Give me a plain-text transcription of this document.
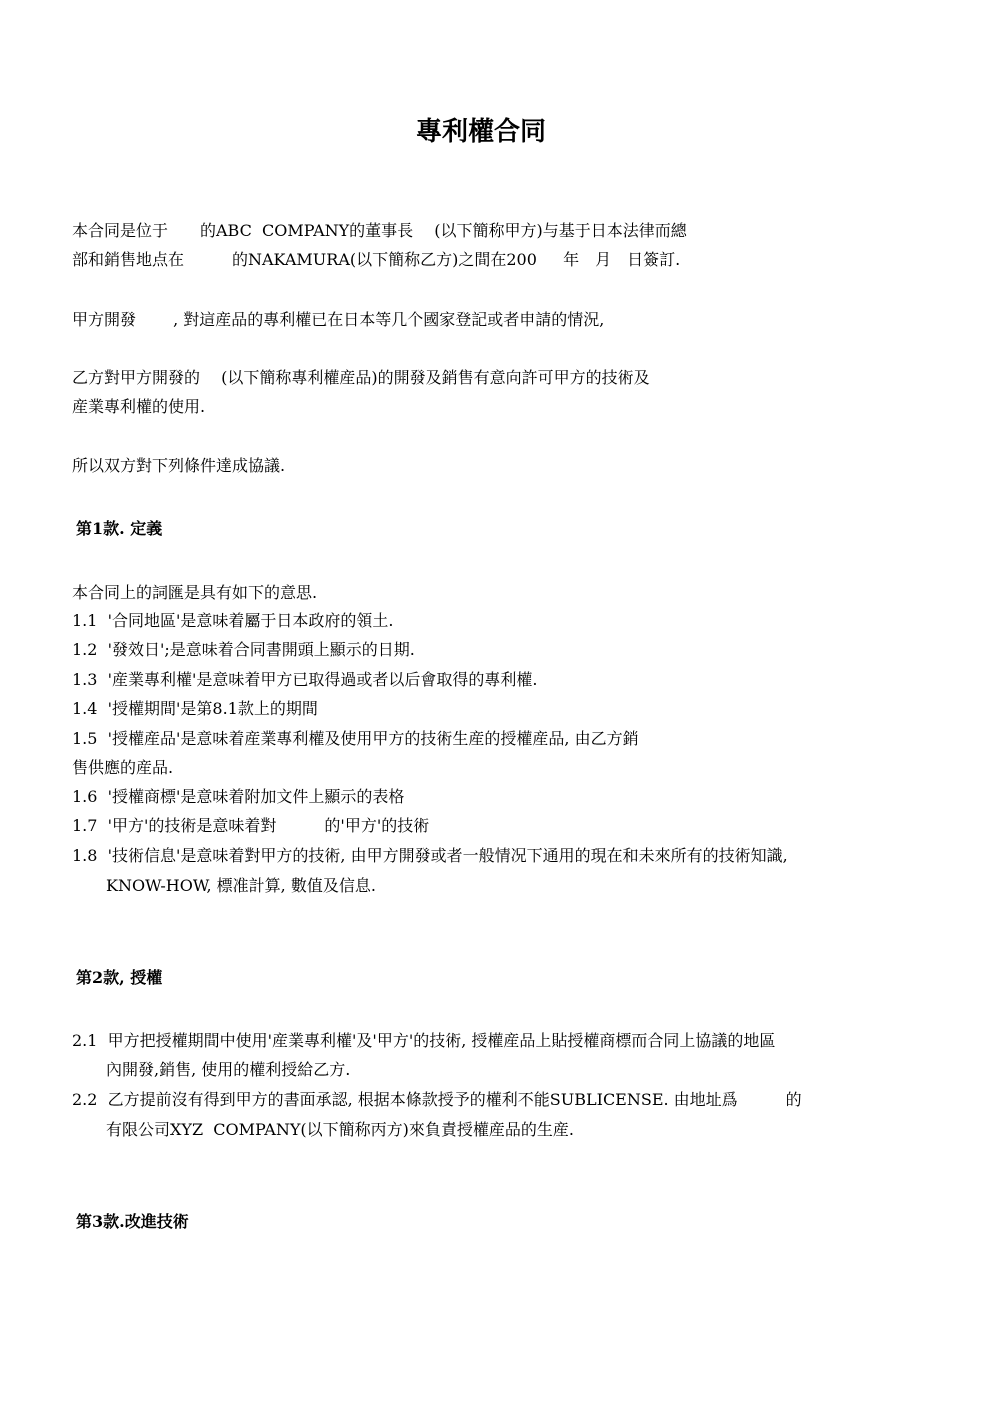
專利權合同
本合同是位于　　的ABC  COMPANY的董事長　 (以下簡称甲方)与基于日本法律而總
部和銷售地点在　　　的NAKAMURA(以下簡称乙方)之間在200　  年　月　日簽訂.
甲方開發　　 , 對這産品的專利權已在日本等几个國家登記或者申請的情況,
乙方對甲方開發的　 (以下簡称專利權産品)的開發及銷售有意向許可甲方的技術及
産業專利權的使用.
所以双方對下列條件達成協議.
第1款. 定義
本合同上的詞匯是具有如下的意思.
1.1  '合同地區'是意味着屬于日本政府的領土.
1.2  '發效日';是意味着合同書開頭上顯示的日期.
1.3  '産業專利權'是意味着甲方已取得過或者以后會取得的專利權.
1.4  '授權期間'是第8.1款上的期間
1.5  '授權産品'是意味着産業專利權及使用甲方的技術生産的授權産品, 由乙方銷
售供應的産品.
1.6  '授權商標'是意味着附加文件上顯示的表格
1.7  '甲方'的技術是意味着對　　　的'甲方'的技術
1.8  '技術信息'是意味着對甲方的技術, 由甲方開發或者一般情况下通用的現在和未來所有的技術知識,
KNOW-HOW, 標准計算, 數值及信息.
第2款, 授權
2.1  甲方把授權期間中使用'産業專利權'及'甲方'的技術, 授權産品上貼授權商標而合同上協議的地區
內開發,銷售, 使用的權利授給乙方.
2.2  乙方提前沒有得到甲方的書面承認, 根据本條款授予的權利不能SUBLICENSE. 由地址爲　　　的
有限公司XYZ  COMPANY(以下簡称丙方)來負責授權産品的生産.
第3款.改進技術
